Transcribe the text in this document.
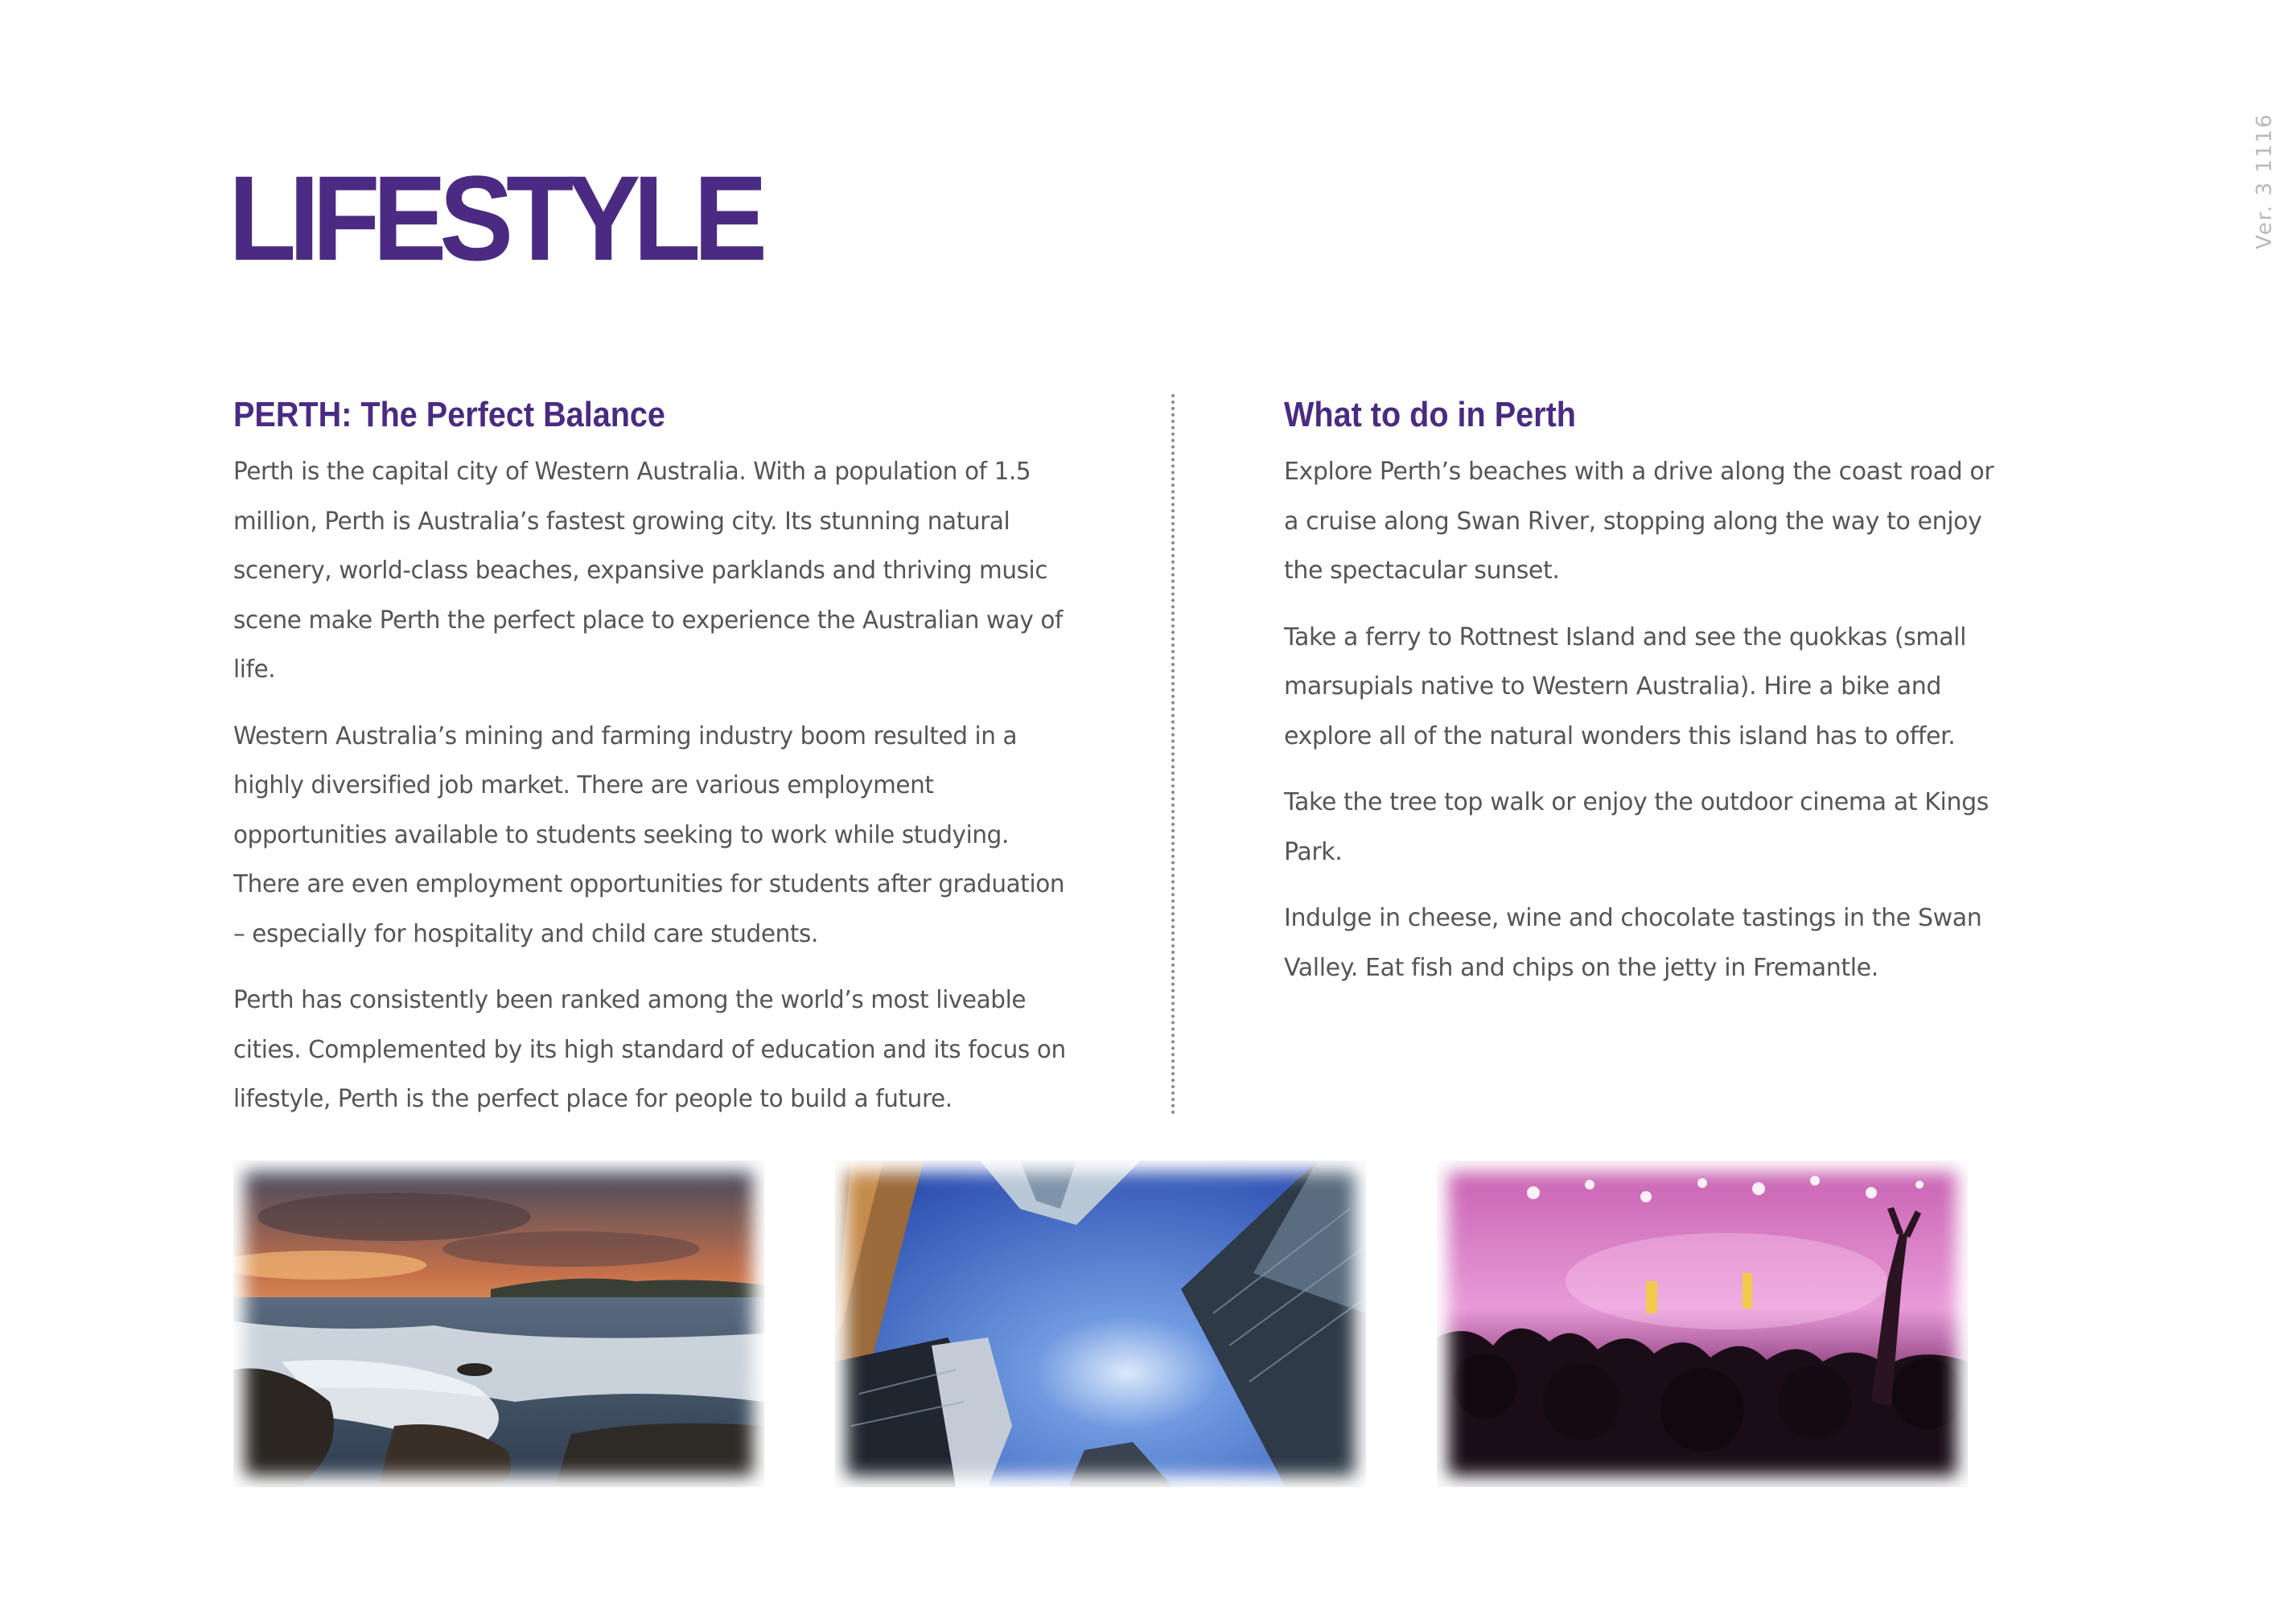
LIFESTYLE	Ver. 3 1116
PERTH: The Perfect Balance

Perth is the capital city of Western Australia. With a population of 1.5 million, Perth is Australia’s fastest growing city. Its stunning natural scenery, world-class beaches, expansive parklands and thriving music scene make Perth the perfect place to experience the Australian way of life.

Western Australia’s mining and farming industry boom resulted in a highly diversified job market. There are various employment opportunities available to students seeking to work while studying. There are even employment opportunities for students after graduation – especially for hospitality and child care students.

Perth has consistently been ranked among the world’s most liveable cities. Complemented by its high standard of education and its focus on lifestyle, Perth is the perfect place for people to build a future.

What to do in Perth

Explore Perth’s beaches with a drive along the coast road or a cruise along Swan River, stopping along the way to enjoy the spectacular sunset.

Take a ferry to Rottnest Island and see the quokkas (small marsupials native to Western Australia). Hire a bike and explore all of the natural wonders this island has to offer.

Take the tree top walk or enjoy the outdoor cinema at Kings Park.

Indulge in cheese, wine and chocolate tastings in the Swan Valley. Eat fish and chips on the jetty in Fremantle.
